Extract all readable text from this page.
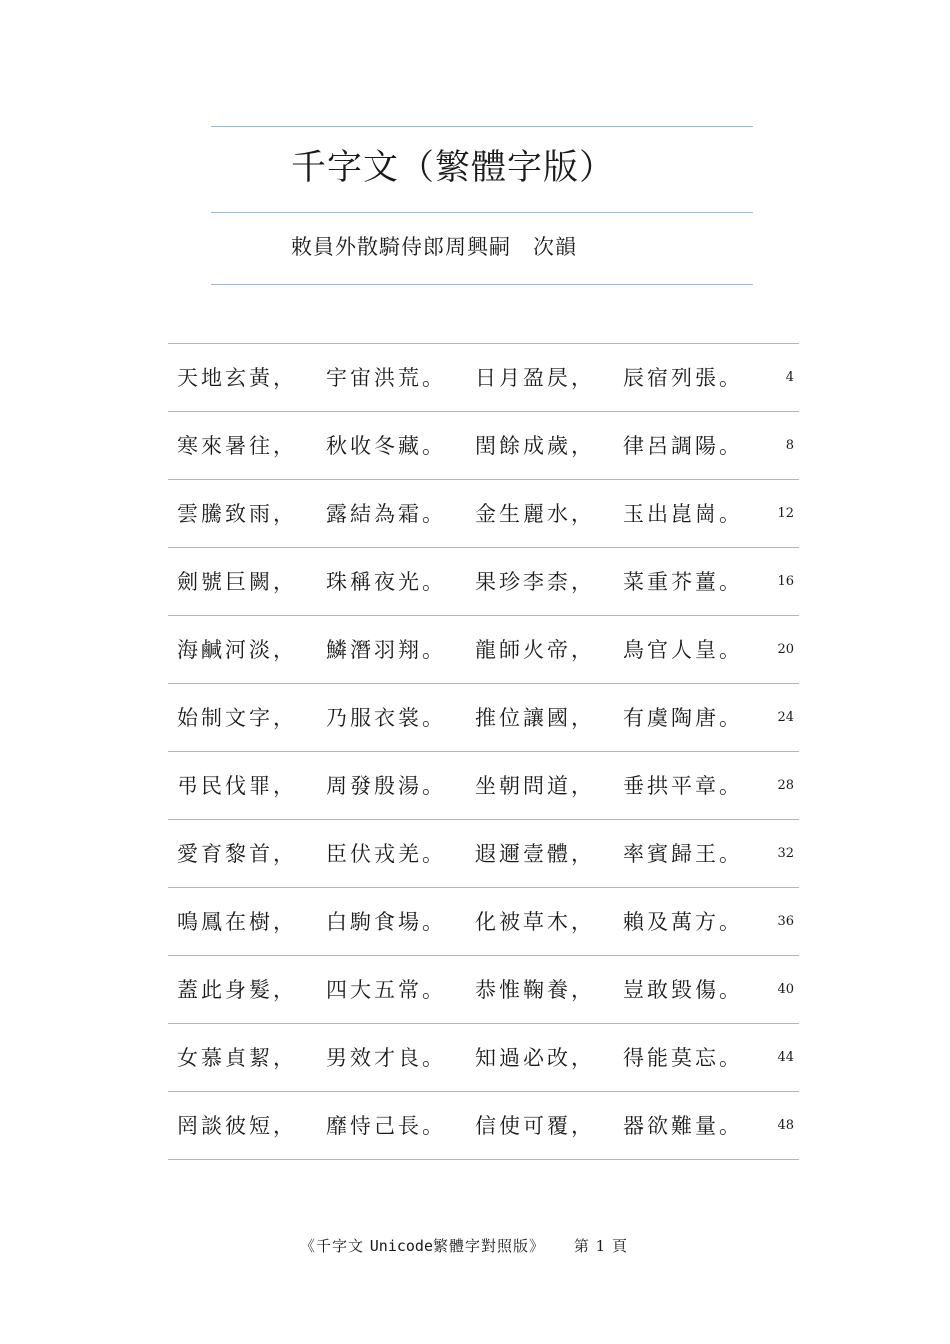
千字文（繁體字版）
敕員外散騎侍郎周興嗣　次韻
天地玄黃， 宇宙洪荒。 日月盈昃， 辰宿列張。	4
寒來暑往， 秋收冬藏。 閏餘成歲， 律呂調陽。	8
雲騰致雨， 露結為霜。 金生麗水， 玉出崑崗。	12
劍號巨闕， 珠稱夜光。 果珍李柰， 菜重芥薑。	16
海鹹河淡， 鱗潛羽翔。 龍師火帝， 鳥官人皇。	20
始制文字， 乃服衣裳。 推位讓國， 有虞陶唐。	24
弔民伐罪， 周發殷湯。 坐朝問道， 垂拱平章。	28
愛育黎首， 臣伏戎羌。 遐邇壹體， 率賓歸王。	32
鳴鳳在樹， 白駒食場。 化被草木， 賴及萬方。	36
蓋此身髮， 四大五常。 恭惟鞠養， 豈敢毀傷。	40
女慕貞絜， 男效才良。 知過必改， 得能莫忘。	44
罔談彼短， 靡恃己長。 信使可覆， 器欲難量。	48
《千字文 Unicode繁體字對照版》 第 1 頁
